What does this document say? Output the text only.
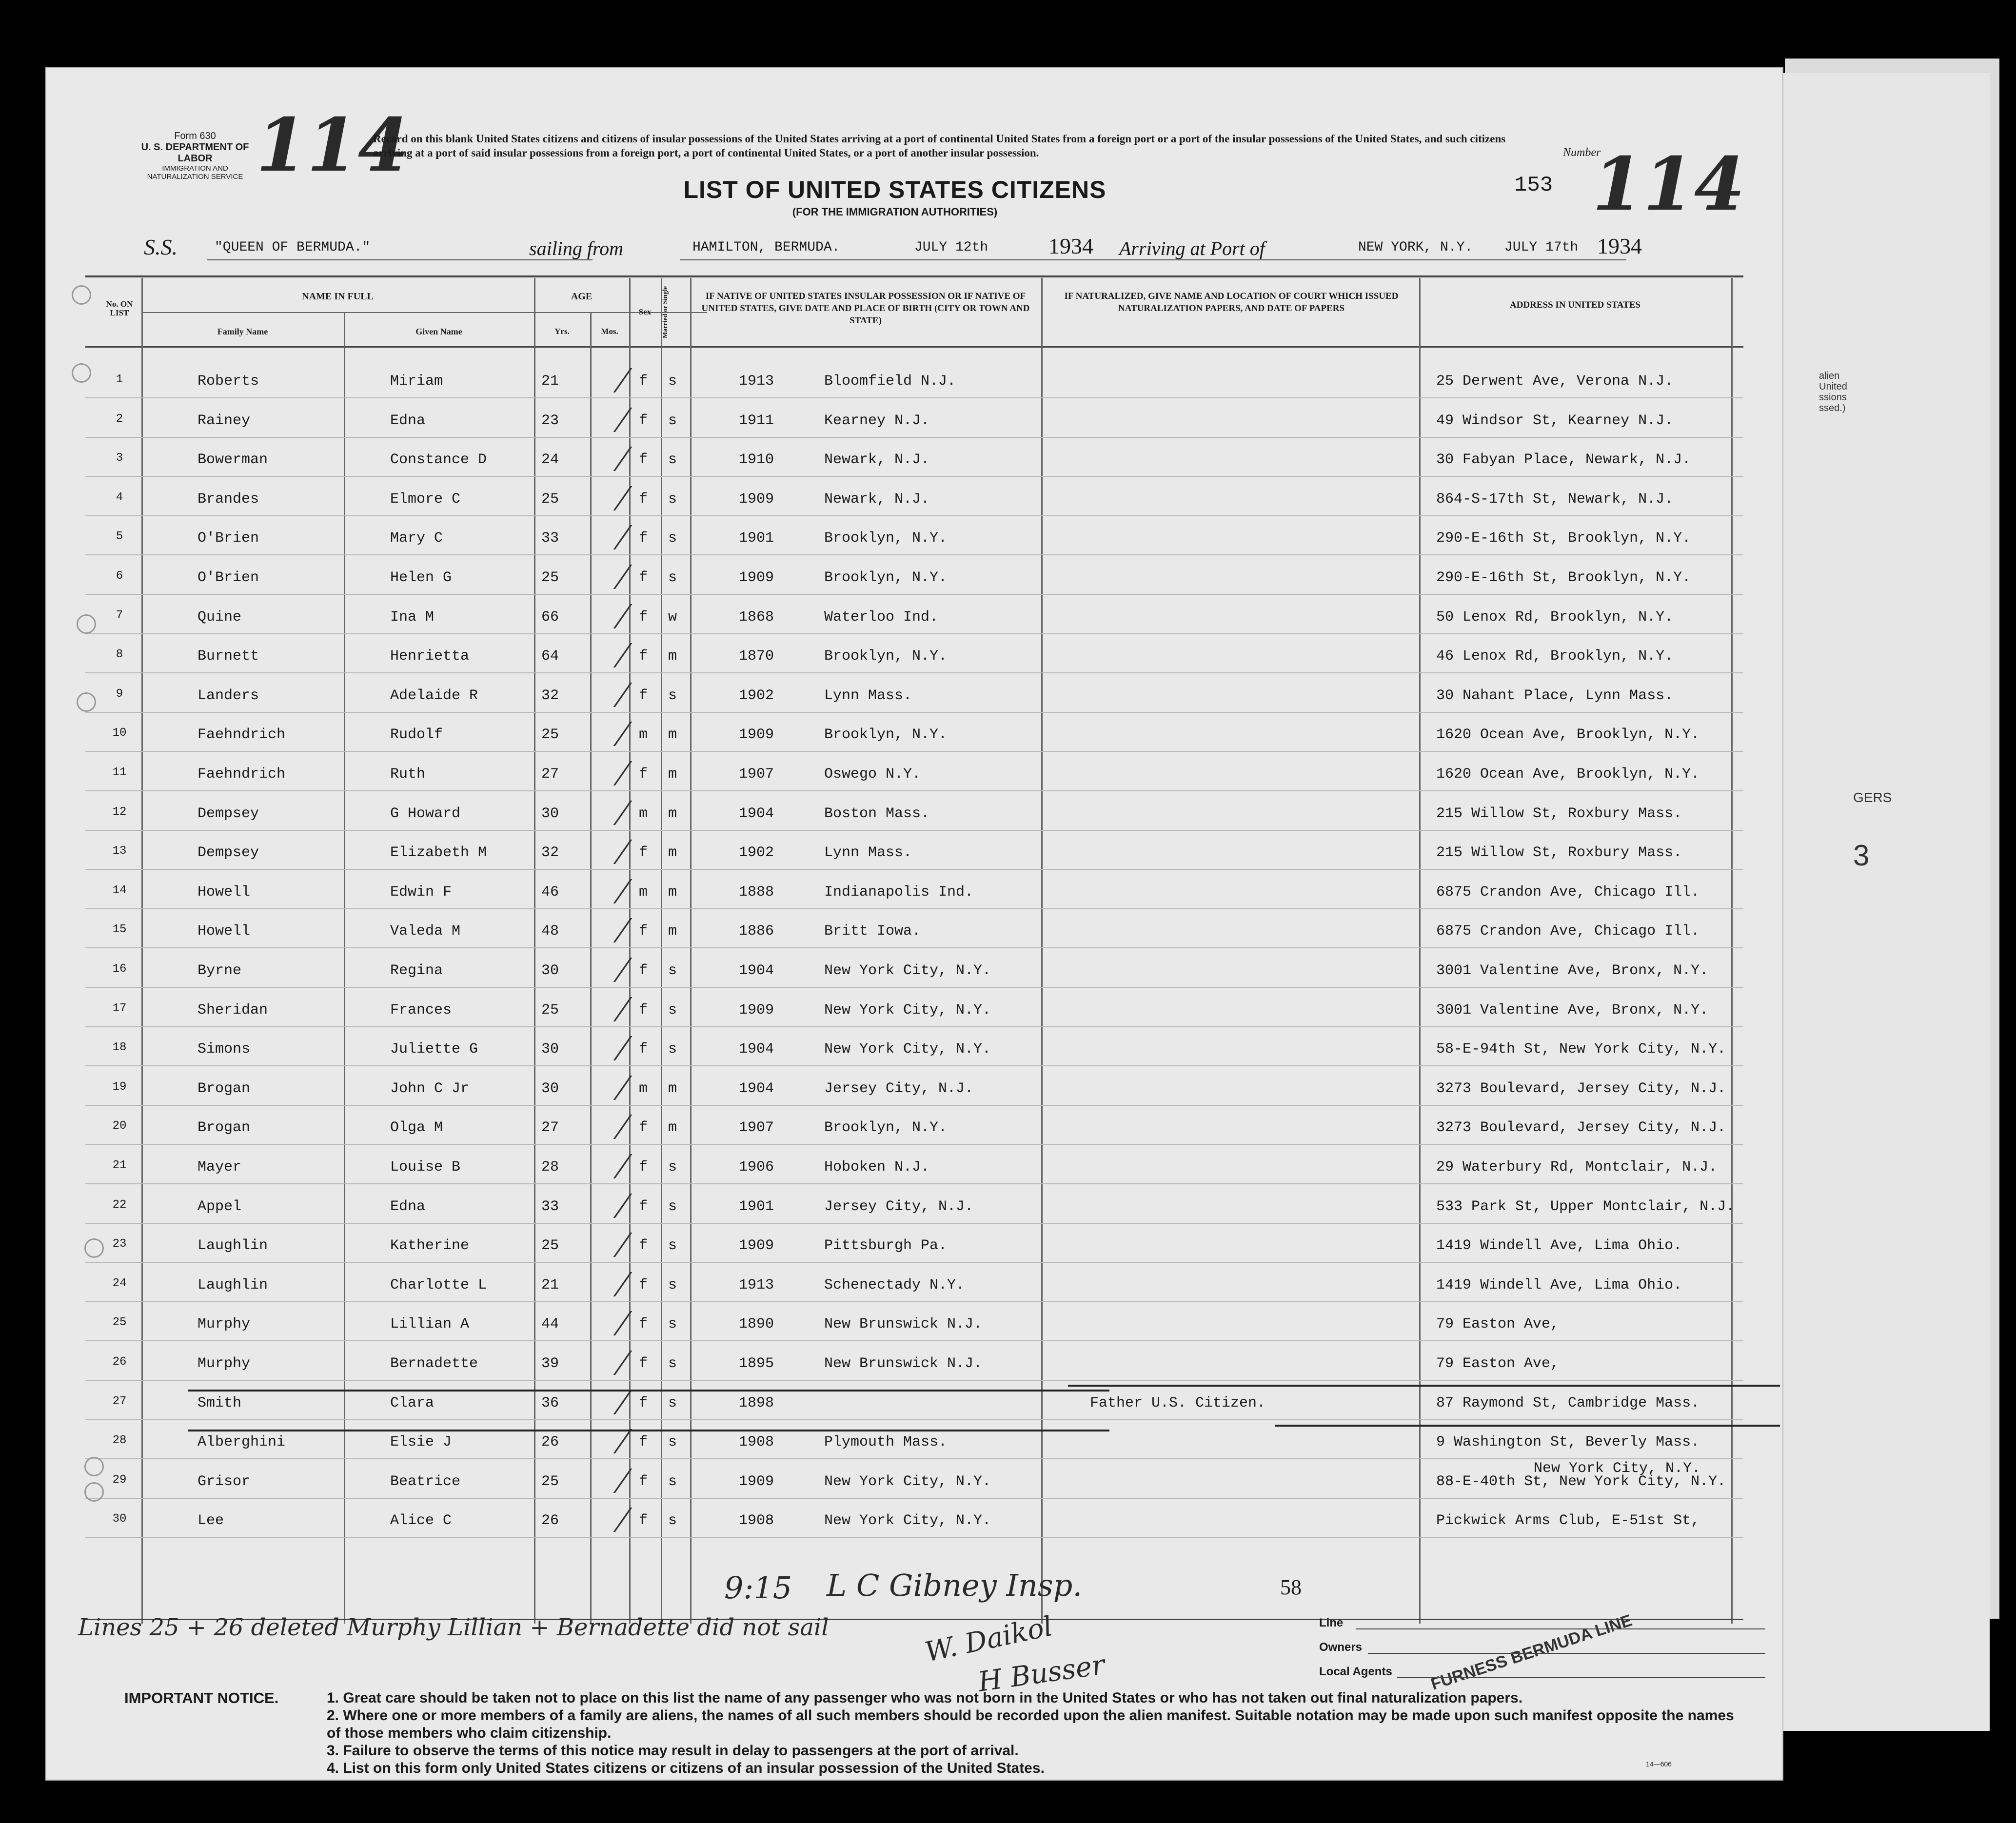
alien
United
ssions
ssed.)
GERS
3
Form 630
U. S. DEPARTMENT OF LABOR
IMMIGRATION AND NATURALIZATION SERVICE 114
Record on this blank United States citizens and citizens of insular possessions of the United States arriving at a port of continental United States from a foreign port or a port of the insular possessions of the United States, and such citizens arriving at a port of said insular possessions from a foreign port, a port of continental United States, or a port of another insular possession.
LIST OF UNITED STATES CITIZENS
(FOR THE IMMIGRATION AUTHORITIES)
153
Number
114
S.S.	"QUEEN OF BERMUDA."	sailing from	HAMILTON, BERMUDA.	JULY 12th	1934 Arriving at Port of	NEW YORK, N.Y. JULY 17th 1934
No. ON LIST
NAME IN FULL
Family Name	Given Name
AGE
Yrs.	Mos.
Sex	Married or Single	IF NATIVE OF UNITED STATES INSULAR POSSESSION OR IF NATIVE OF UNITED STATES, GIVE DATE AND PLACE OF BIRTH (CITY OR TOWN AND STATE)
IF NATURALIZED, GIVE NAME AND LOCATION OF COURT WHICH ISSUED NATURALIZATION PAPERS, AND DATE OF PAPERS	ADDRESS IN UNITED STATES
1	Roberts	Miriam	21	f s	1913	Bloomfield N.J.	25 Derwent Ave, Verona N.J.
2	Rainey	Edna	23	f s	1911	Kearney N.J.	49 Windsor St, Kearney N.J.
3	Bowerman	Constance D	24	f s	1910	Newark, N.J.	30 Fabyan Place, Newark, N.J.
4	Brandes	Elmore C	25	f s	1909	Newark, N.J.	864-S-17th St, Newark, N.J.
5	O'Brien	Mary C	33	f s	1901	Brooklyn, N.Y.	290-E-16th St, Brooklyn, N.Y.
6	O'Brien	Helen G	25	f s	1909	Brooklyn, N.Y.	290-E-16th St, Brooklyn, N.Y.
7	Quine	Ina M	66	f w	1868	Waterloo Ind.	50 Lenox Rd, Brooklyn, N.Y.
8	Burnett	Henrietta	64	f m	1870	Brooklyn, N.Y.	46 Lenox Rd, Brooklyn, N.Y.
9	Landers	Adelaide R	32	f s	1902	Lynn Mass.	30 Nahant Place, Lynn Mass.
10	Faehndrich	Rudolf	25	m m	1909	Brooklyn, N.Y.	1620 Ocean Ave, Brooklyn, N.Y.
11	Faehndrich	Ruth	27	f m	1907	Oswego N.Y.	1620 Ocean Ave, Brooklyn, N.Y.
12	Dempsey	G Howard	30	m m	1904	Boston Mass.	215 Willow St, Roxbury Mass.
13	Dempsey	Elizabeth M	32	f m	1902	Lynn Mass.	215 Willow St, Roxbury Mass.
14	Howell	Edwin F	46	m m	1888	Indianapolis Ind.	6875 Crandon Ave, Chicago Ill.
15	Howell	Valeda M	48	f m	1886	Britt Iowa.	6875 Crandon Ave, Chicago Ill.
16	Byrne	Regina	30	f s	1904	New York City, N.Y.	3001 Valentine Ave, Bronx, N.Y.
17	Sheridan	Frances	25	f s	1909	New York City, N.Y.	3001 Valentine Ave, Bronx, N.Y.
18	Simons	Juliette G	30	f s	1904	New York City, N.Y.	58-E-94th St, New York City, N.Y.
19	Brogan	John C Jr	30	m m	1904	Jersey City, N.J.	3273 Boulevard, Jersey City, N.J.
20	Brogan	Olga M	27	f m	1907	Brooklyn, N.Y.	3273 Boulevard, Jersey City, N.J.
21	Mayer	Louise B	28	f s	1906	Hoboken N.J.	29 Waterbury Rd, Montclair, N.J.
22	Appel	Edna	33	f s	1901	Jersey City, N.J.	533 Park St, Upper Montclair, N.J.
23	Laughlin	Katherine	25	f s	1909	Pittsburgh Pa.	1419 Windell Ave, Lima Ohio.
24	Laughlin	Charlotte L	21	f s	1913	Schenectady N.Y.	1419 Windell Ave, Lima Ohio.
25	Murphy	Lillian A	44	f s	1890	New Brunswick N.J.	79 Easton Ave,
26	Murphy	Bernadette	39	f s	1895	New Brunswick N.J.	79 Easton Ave,
27	Smith	Clara	36	f s	1898	Father U.S. Citizen.	87 Raymond St, Cambridge Mass.
28	Alberghini	Elsie J	26	f s	1908	Plymouth Mass.	9 Washington St, Beverly Mass.
29	Grisor	Beatrice	25	f s	1909	New York City, N.Y.	88-E-40th St, New York City, N.Y.
30	Lee	Alice C	26	f s	1908	New York City, N.Y.	Pickwick Arms Club, E-51st St,
New York City, N.Y.
9:15 L C Gibney Insp.	58
Lines 25 + 26 deleted Murphy Lillian + Bernadette did not sail	W. Daikol
H Busser	FURNESS BERMUDA LINE
Line
Owners
Local Agents
IMPORTANT NOTICE.	1. Great care should be taken not to place on this list the name of any passenger who was not born in the United States or who has not taken out final naturalization papers.
2. Where one or more members of a family are aliens, the names of all such members should be recorded upon the alien manifest. Suitable notation may be made upon such manifest opposite the names of those members who claim citizenship.
3. Failure to observe the terms of this notice may result in delay to passengers at the port of arrival.
4. List on this form only United States citizens or citizens of an insular possession of the United States.	14—606
